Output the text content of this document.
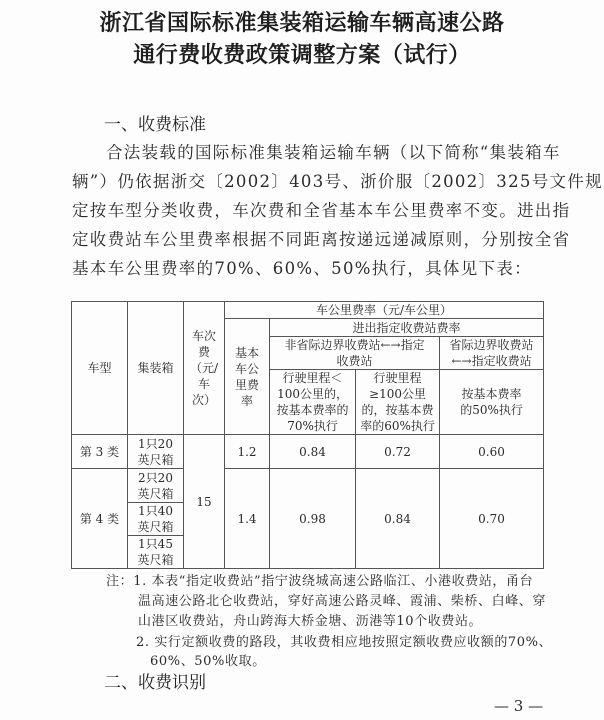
浙江省国际标准集装箱运输车辆高速公路
通行费收费政策调整方案（试行）
一、收费标准
合法装载的国际标准集装箱运输车辆（以下简称“集装箱车
辆”）仍依据浙交〔2002〕403号、浙价服〔2002〕325号文件规
定按车型分类收费，车次费和全省基本车公里费率不变。进出指
定收费站车公里费率根据不同距离按递远递减原则，分别按全省
基本车公里费率的70%、60%、50%执行，具体见下表：
车型	集装箱	车次费（元/车次）	车公里费率（元/车公里）			
			基本车公里费率	进出指定收费站费率		
				非省际边界收费站←→指定收费站		省际边界收费站←→指定收费站
				行驶里程＜100公里的，按基本费率的70%执行	行驶里程≥100公里的，按基本费率的60%执行	按基本费率的50%执行
第 3 类	1只20英尺箱	15	1.2	0.84	0.72	0.60
第 4 类	2只20英尺箱		1.4	0.98	0.84	0.70
	1只40英尺箱					
	1只45英尺箱					
注：1. 本表“指定收费站”指宁波绕城高速公路临江、小港收费站，甬台
温高速公路北仑收费站，穿好高速公路灵峰、霞浦、柴桥、白峰、穿
山港区收费站，舟山跨海大桥金塘、沥港等10个收费站。
2. 实行定额收费的路段，其收费相应地按照定额收费应收额的70%、
60%、50%收取。
二、收费识别
— 3 —
